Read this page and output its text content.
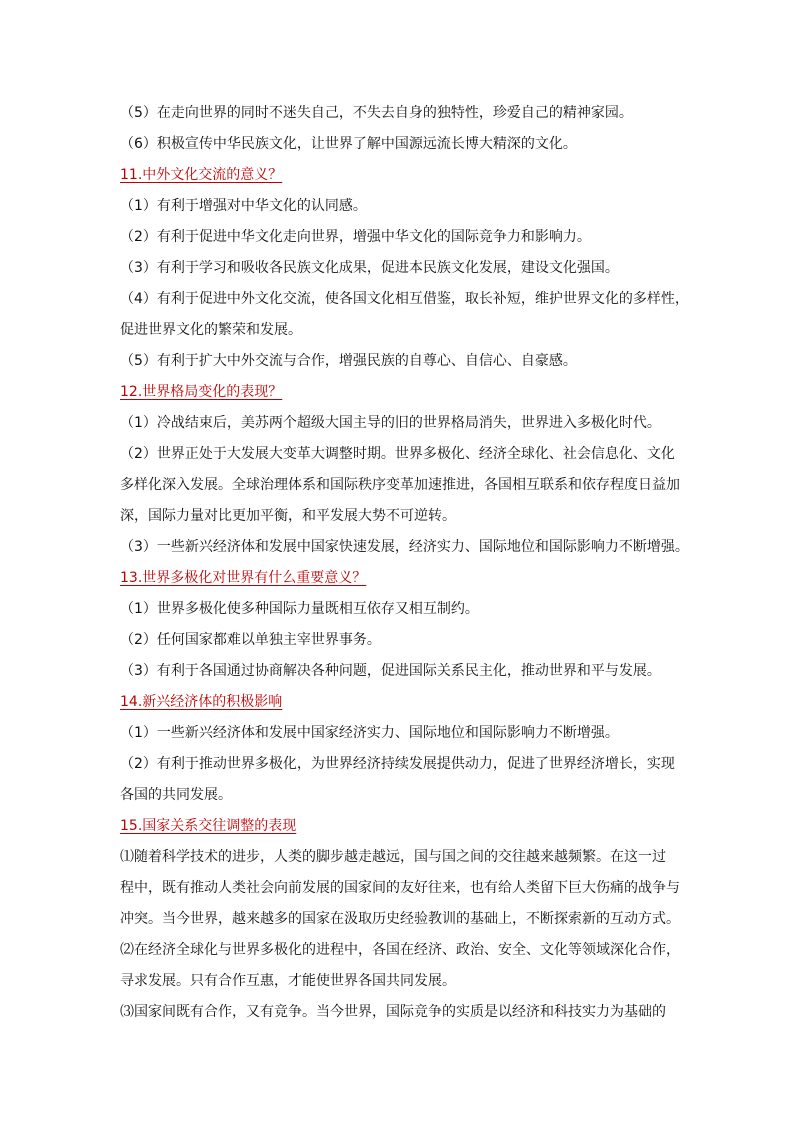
（5）在走向世界的同时不迷失自己，不失去自身的独特性，珍爱自己的精神家园。
（6）积极宣传中华民族文化，让世界了解中国源远流长博大精深的文化。
11.中外文化交流的意义？
（1）有利于增强对中华文化的认同感。
（2）有利于促进中华文化走向世界，增强中华文化的国际竞争力和影响力。
（3）有利于学习和吸收各民族文化成果，促进本民族文化发展，建设文化强国。
（4）有利于促进中外文化交流，使各国文化相互借鉴，取长补短，维护世界文化的多样性，
促进世界文化的繁荣和发展。
（5）有利于扩大中外交流与合作，增强民族的自尊心、自信心、自豪感。
12.世界格局变化的表现？
（1）冷战结束后，美苏两个超级大国主导的旧的世界格局消失，世界进入多极化时代。
（2）世界正处于大发展大变革大调整时期。世界多极化、经济全球化、社会信息化、文化
多样化深入发展。全球治理体系和国际秩序变革加速推进，各国相互联系和依存程度日益加
深，国际力量对比更加平衡，和平发展大势不可逆转。
（3）一些新兴经济体和发展中国家快速发展，经济实力、国际地位和国际影响力不断增强。
13.世界多极化对世界有什么重要意义？
（1）世界多极化使多种国际力量既相互依存又相互制约。
（2）任何国家都难以单独主宰世界事务。
（3）有利于各国通过协商解决各种问题，促进国际关系民主化，推动世界和平与发展。
14.新兴经济体的积极影响
（1）一些新兴经济体和发展中国家经济实力、国际地位和国际影响力不断增强。
（2）有利于推动世界多极化，为世界经济持续发展提供动力，促进了世界经济增长，实现
各国的共同发展。
15.国家关系交往调整的表现
⑴随着科学技术的进步，人类的脚步越走越远，国与国之间的交往越来越频繁。在这一过
程中，既有推动人类社会向前发展的国家间的友好往来，也有给人类留下巨大伤痛的战争与
冲突。当今世界，越来越多的国家在汲取历史经验教训的基础上，不断探索新的互动方式。
⑵在经济全球化与世界多极化的进程中，各国在经济、政治、安全、文化等领域深化合作，
寻求发展。只有合作互惠，才能使世界各国共同发展。
⑶国家间既有合作，又有竞争。当今世界，国际竞争的实质是以经济和科技实力为基础的
